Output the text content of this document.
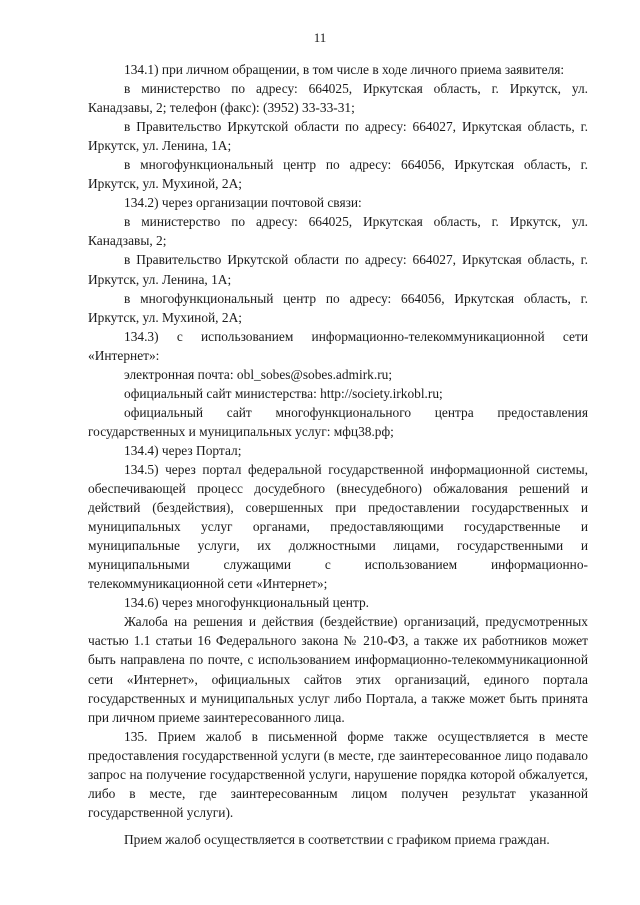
11

134.1) при личном обращении, в том числе в ходе личного приема заявителя:

в министерство по адресу: 664025, Иркутская область, г. Иркутск, ул. Канадзавы, 2; телефон (факс): (3952) 33-33-31;

в Правительство Иркутской области по адресу: 664027, Иркутская область, г. Иркутск, ул. Ленина, 1А;

в многофункциональный центр по адресу: 664056, Иркутская область, г. Иркутск, ул. Мухиной, 2А;

134.2) через организации почтовой связи:

в министерство по адресу: 664025, Иркутская область, г. Иркутск, ул. Канадзавы, 2;

в Правительство Иркутской области по адресу: 664027, Иркутская область, г. Иркутск, ул. Ленина, 1А;

в многофункциональный центр по адресу: 664056, Иркутская область, г. Иркутск, ул. Мухиной, 2А;

134.3) с использованием информационно-телекоммуникационной сети «Интернет»:

электронная почта: obl_sobes@sobes.admirk.ru;

официальный сайт министерства: http://society.irkobl.ru;

официальный сайт многофункционального центра предоставления государственных и муниципальных услуг: мфц38.рф;

134.4) через Портал;

134.5) через портал федеральной государственной информационной системы, обеспечивающей процесс досудебного (внесудебного) обжалования решений и действий (бездействия), совершенных при предоставлении государственных и муниципальных услуг органами, предоставляющими государственные и муниципальные услуги, их должностными лицами, государственными и муниципальными служащими с использованием информационно-телекоммуникационной сети «Интернет»;

134.6) через многофункциональный центр.

Жалоба на решения и действия (бездействие) организаций, предусмотренных частью 1.1 статьи 16 Федерального закона № 210-ФЗ, а также их работников может быть направлена по почте, с использованием информационно-телекоммуникационной сети «Интернет», официальных сайтов этих организаций, единого портала государственных и муниципальных услуг либо Портала, а также может быть принята при личном приеме заинтересованного лица.

135. Прием жалоб в письменной форме также осуществляется в месте предоставления государственной услуги (в месте, где заинтересованное лицо подавало запрос на получение государственной услуги, нарушение порядка которой обжалуется, либо в месте, где заинтересованным лицом получен результат указанной государственной услуги).

Прием жалоб осуществляется в соответствии с графиком приема граждан.
